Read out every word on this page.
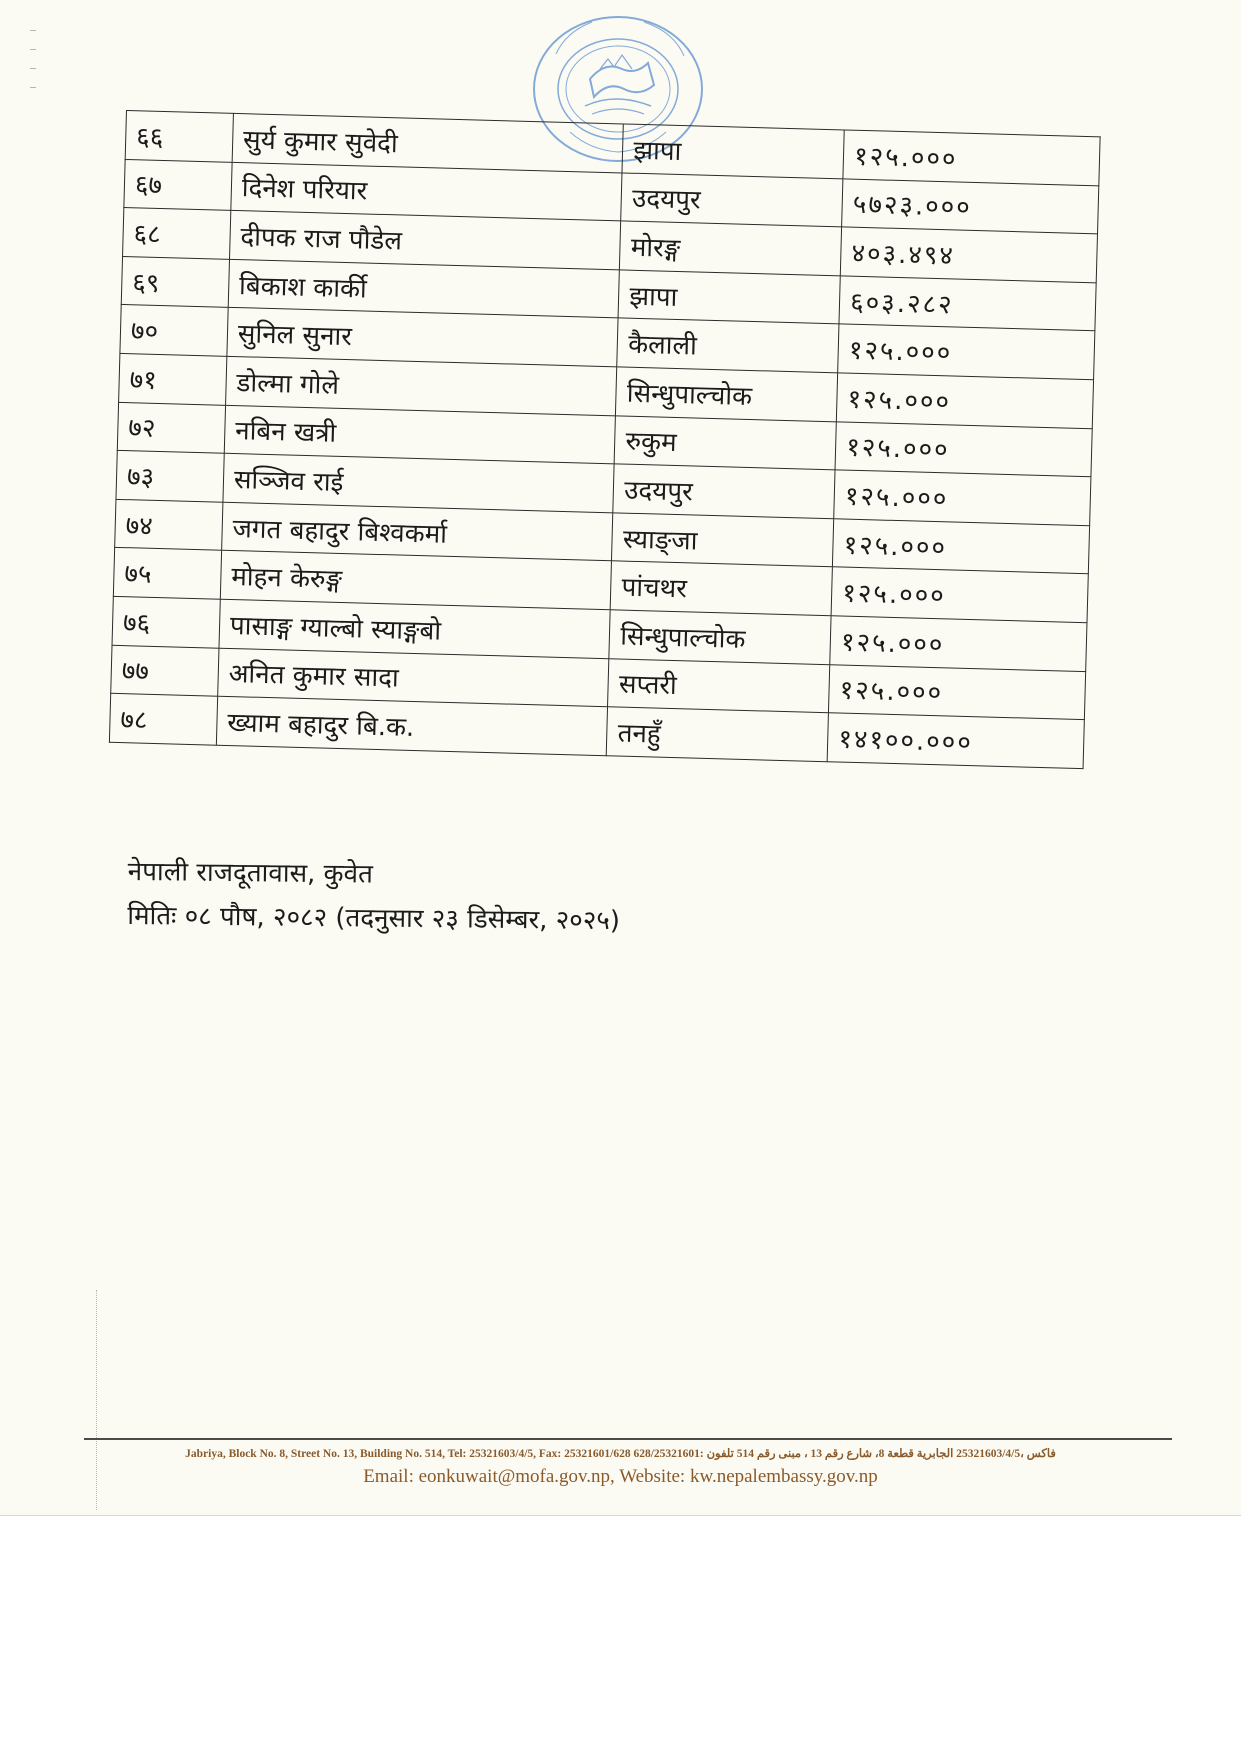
६६	सुर्य कुमार सुवेदी	झापा	१२५.०००
६७	दिनेश परियार	उदयपुर	५७२३.०००
६८	दीपक राज पौडेल	मोरङ्ग	४०३.४९४
६९	बिकाश कार्की	झापा	६०३.२८२
७०	सुनिल सुनार	कैलाली	१२५.०००
७१	डोल्मा गोले	सिन्धुपाल्चोक	१२५.०००
७२	नबिन खत्री	रुकुम	१२५.०००
७३	सञ्जिव राई	उदयपुर	१२५.०००
७४	जगत बहादुर बिश्वकर्मा	स्याङ्जा	१२५.०००
७५	मोहन केरुङ्ग	पांचथर	१२५.०००
७६	पासाङ्ग ग्याल्बो स्याङ्गबो	सिन्धुपाल्चोक	१२५.०००
७७	अनित कुमार सादा	सप्तरी	१२५.०००
७८	ख्याम बहादुर बि.क.	तनहुँ	१४१००.०००
नेपाली राजदूतावास, कुवेत
मितिः ०८ पौष, २०८२ (तदनुसार २३ डिसेम्बर, २०२५)
Jabriya, Block No. 8, Street No. 13, Building No. 514, Tel: 25321603/4/5, Fax: 25321601/628 628/25321601: فاكس ،25321603/4/5 الجابرية قطعة 8، شارع رقم 13 ، مبنى رقم 514 تلفون
Email: eonkuwait@mofa.gov.np, Website: kw.nepalembassy.gov.np
